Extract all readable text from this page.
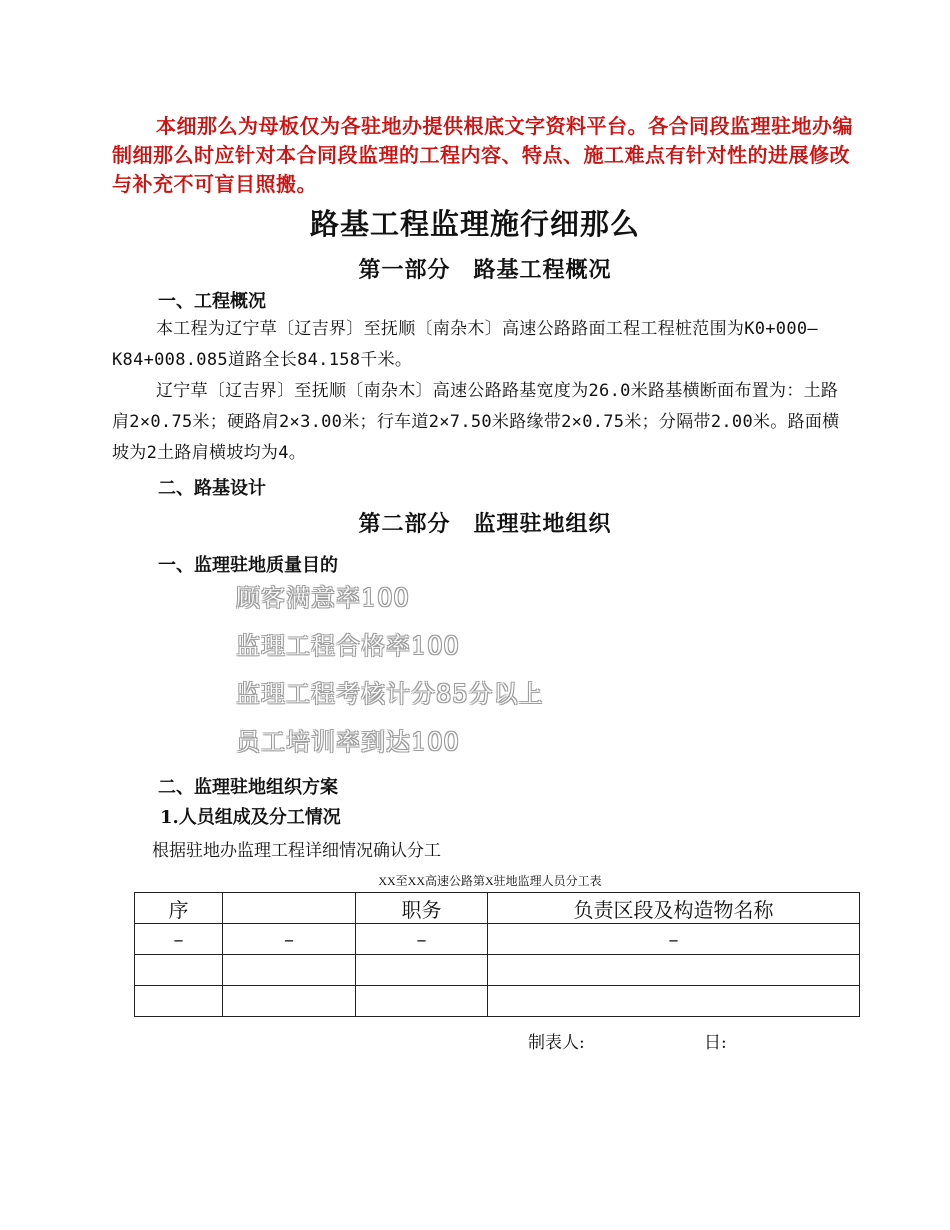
本细那么为母板仅为各驻地办提供根底文字资料平台。各合同段监理驻地办编制细那么时应针对本合同段监理的工程内容、特点、施工难点有针对性的进展修改与补充不可盲目照搬。
路基工程监理施行细那么
第一部分　路基工程概况
一、工程概况
本工程为辽宁草〔辽吉界〕至抚顺〔南杂木〕高速公路路面工程工程桩范围为K0+000—K84+008.085道路全长84.158千米。
辽宁草〔辽吉界〕至抚顺〔南杂木〕高速公路路基宽度为26.0米路基横断面布置为：土路肩2×0.75米；硬路肩2×3.00米；行车道2×7.50米路缘带2×0.75米；分隔带2.00米。路面横坡为2土路肩横坡均为4。
二、路基设计
第二部分　监理驻地组织
一、监理驻地质量目的
顾客满意率100
监理工程合格率100
监理工程考核计分85分以上
员工培训率到达100
二、监理驻地组织方案
1.人员组成及分工情况
根据驻地办监理工程详细情况确认分工
XX至XX高速公路第X驻地监理人员分工表
序		职务	负责区段及构造物名称
–	–	–	–

制表人:	日:
